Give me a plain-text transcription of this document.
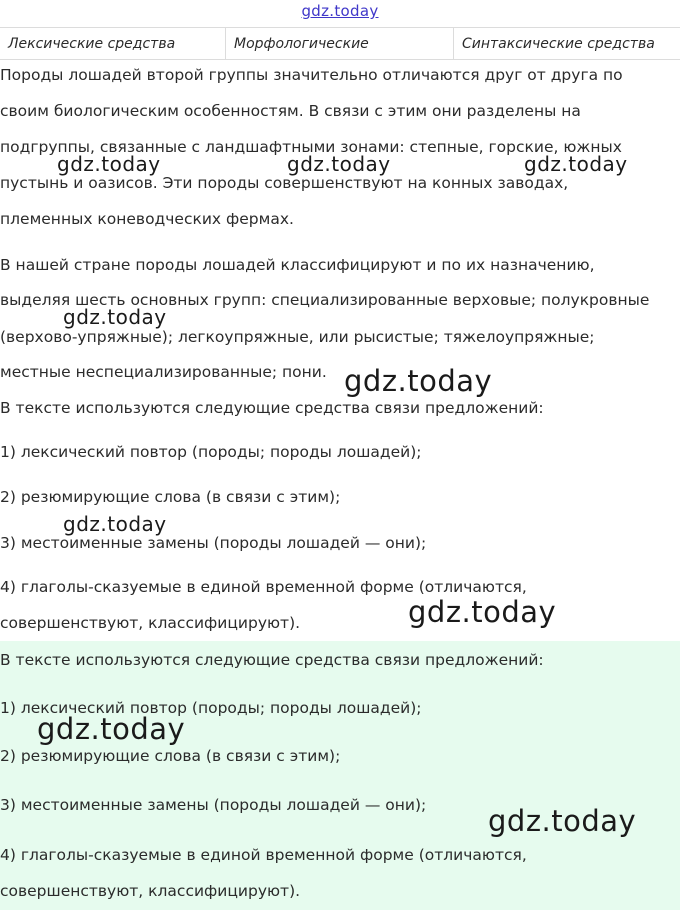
gdz.today
Лексические средства	Морфологические	Синтаксические средства
Породы лошадей второй группы значительно отличаются друг от друга по
своим биологическим особенностям. В связи с этим они разделены на
подгруппы, связанные с ландшафтными зонами: степные, горские, южных
пустынь и оазисов. Эти породы совершенствуют на конных заводах,
племенных коневодческих фермах.
В нашей стране породы лошадей классифицируют и по их назначению,
выделяя шесть основных групп: специализированные верховые; полукровные
(верхово-упряжные); легкоупряжные, или рысистые; тяжелоупряжные;
местные неспециализированные; пони.
В тексте используются следующие средства связи предложений:
1) лексический повтор (породы; породы лошадей);
2) резюмирующие слова (в связи с этим);
3) местоименные замены (породы лошадей — они);
4) глаголы-сказуемые в единой временной форме (отличаются,
совершенствуют, классифицируют).
В тексте используются следующие средства связи предложений:
1) лексический повтор (породы; породы лошадей);
2) резюмирующие слова (в связи с этим);
3) местоименные замены (породы лошадей — они);
4) глаголы-сказуемые в единой временной форме (отличаются,
совершенствуют, классифицируют).
gdz.today	gdz.today	gdz.today
gdz.today
gdz.today
gdz.today
gdz.today
gdz.today
gdz.today
